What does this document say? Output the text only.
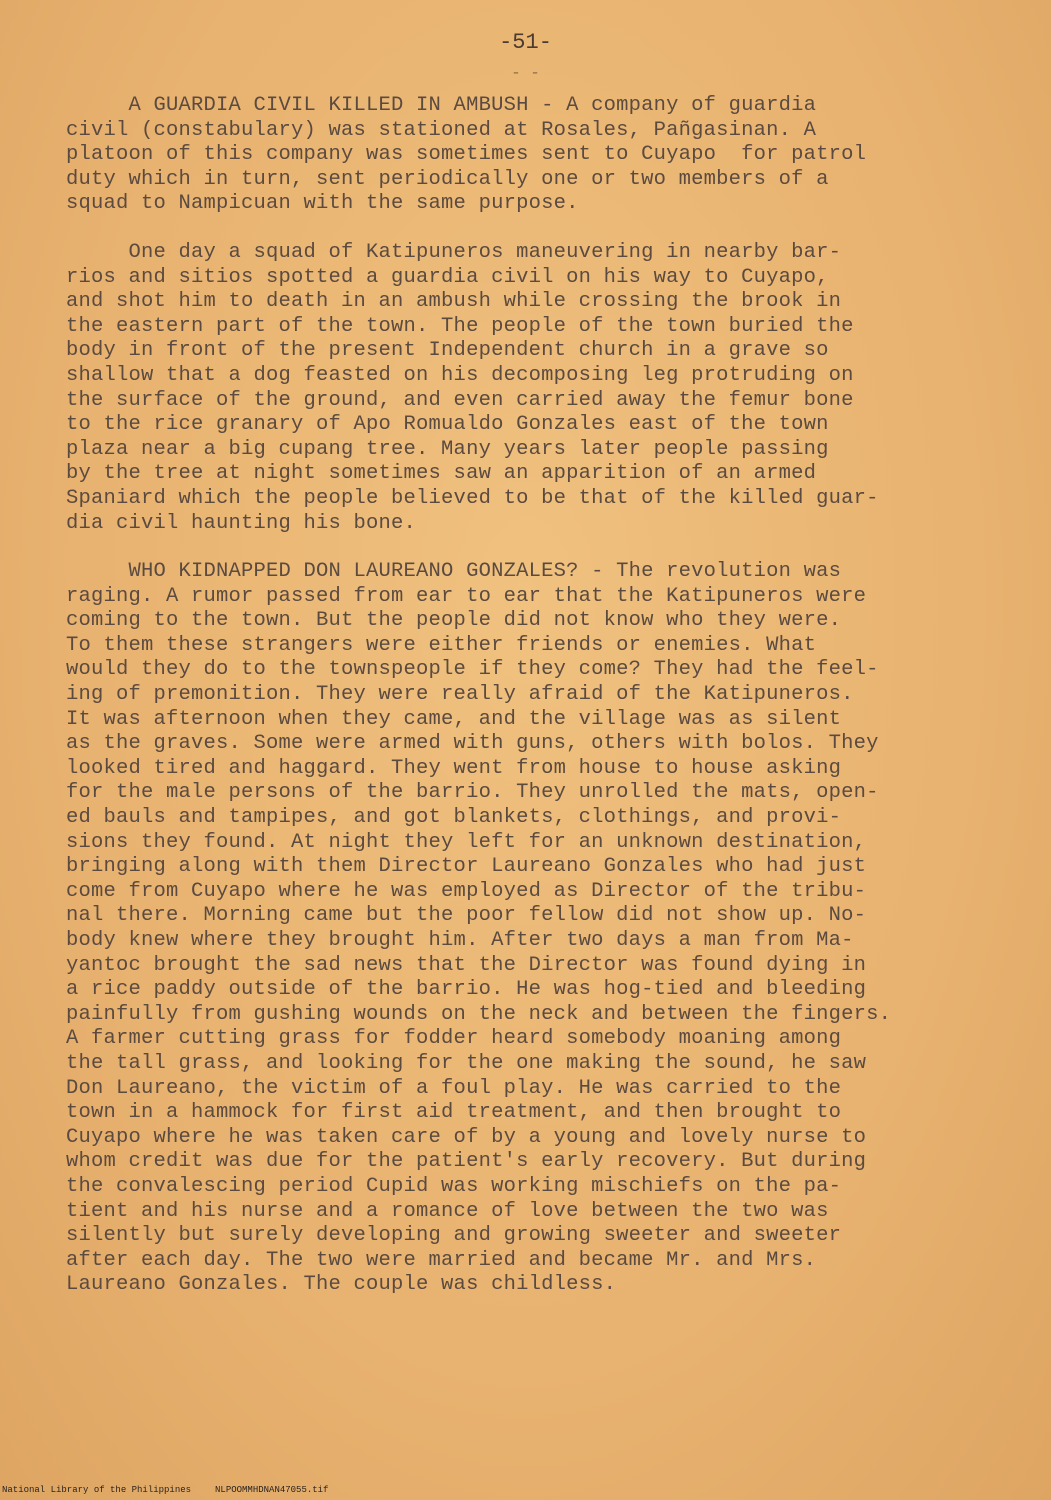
-51-
- -
A GUARDIA CIVIL KILLED IN AMBUSH - A company of guardia
civil (constabulary) was stationed at Rosales, Pañgasinan. A
platoon of this company was sometimes sent to Cuyapo  for patrol
duty which in turn, sent periodically one or two members of a
squad to Nampicuan with the same purpose.
One day a squad of Katipuneros maneuvering in nearby bar-
rios and sitios spotted a guardia civil on his way to Cuyapo,
and shot him to death in an ambush while crossing the brook in
the eastern part of the town. The people of the town buried the
body in front of the present Independent church in a grave so
shallow that a dog feasted on his decomposing leg protruding on
the surface of the ground, and even carried away the femur bone
to the rice granary of Apo Romualdo Gonzales east of the town
plaza near a big cupang tree. Many years later people passing
by the tree at night sometimes saw an apparition of an armed
Spaniard which the people believed to be that of the killed guar-
dia civil haunting his bone.
WHO KIDNAPPED DON LAUREANO GONZALES? - The revolution was
raging. A rumor passed from ear to ear that the Katipuneros were
coming to the town. But the people did not know who they were.
To them these strangers were either friends or enemies. What
would they do to the townspeople if they come? They had the feel-
ing of premonition. They were really afraid of the Katipuneros.
It was afternoon when they came, and the village was as silent
as the graves. Some were armed with guns, others with bolos. They
looked tired and haggard. They went from house to house asking
for the male persons of the barrio. They unrolled the mats, open-
ed bauls and tampipes, and got blankets, clothings, and provi-
sions they found. At night they left for an unknown destination,
bringing along with them Director Laureano Gonzales who had just
come from Cuyapo where he was employed as Director of the tribu-
nal there. Morning came but the poor fellow did not show up. No-
body knew where they brought him. After two days a man from Ma-
yantoc brought the sad news that the Director was found dying in
a rice paddy outside of the barrio. He was hog-tied and bleeding
painfully from gushing wounds on the neck and between the fingers.
A farmer cutting grass for fodder heard somebody moaning among
the tall grass, and looking for the one making the sound, he saw
Don Laureano, the victim of a foul play. He was carried to the
town in a hammock for first aid treatment, and then brought to
Cuyapo where he was taken care of by a young and lovely nurse to
whom credit was due for the patient's early recovery. But during
the convalescing period Cupid was working mischiefs on the pa-
tient and his nurse and a romance of love between the two was
silently but surely developing and growing sweeter and sweeter
after each day. The two were married and became Mr. and Mrs.
Laureano Gonzales. The couple was childless.
National Library of the Philippines	NLPOOMMHDNAN47055.tif
